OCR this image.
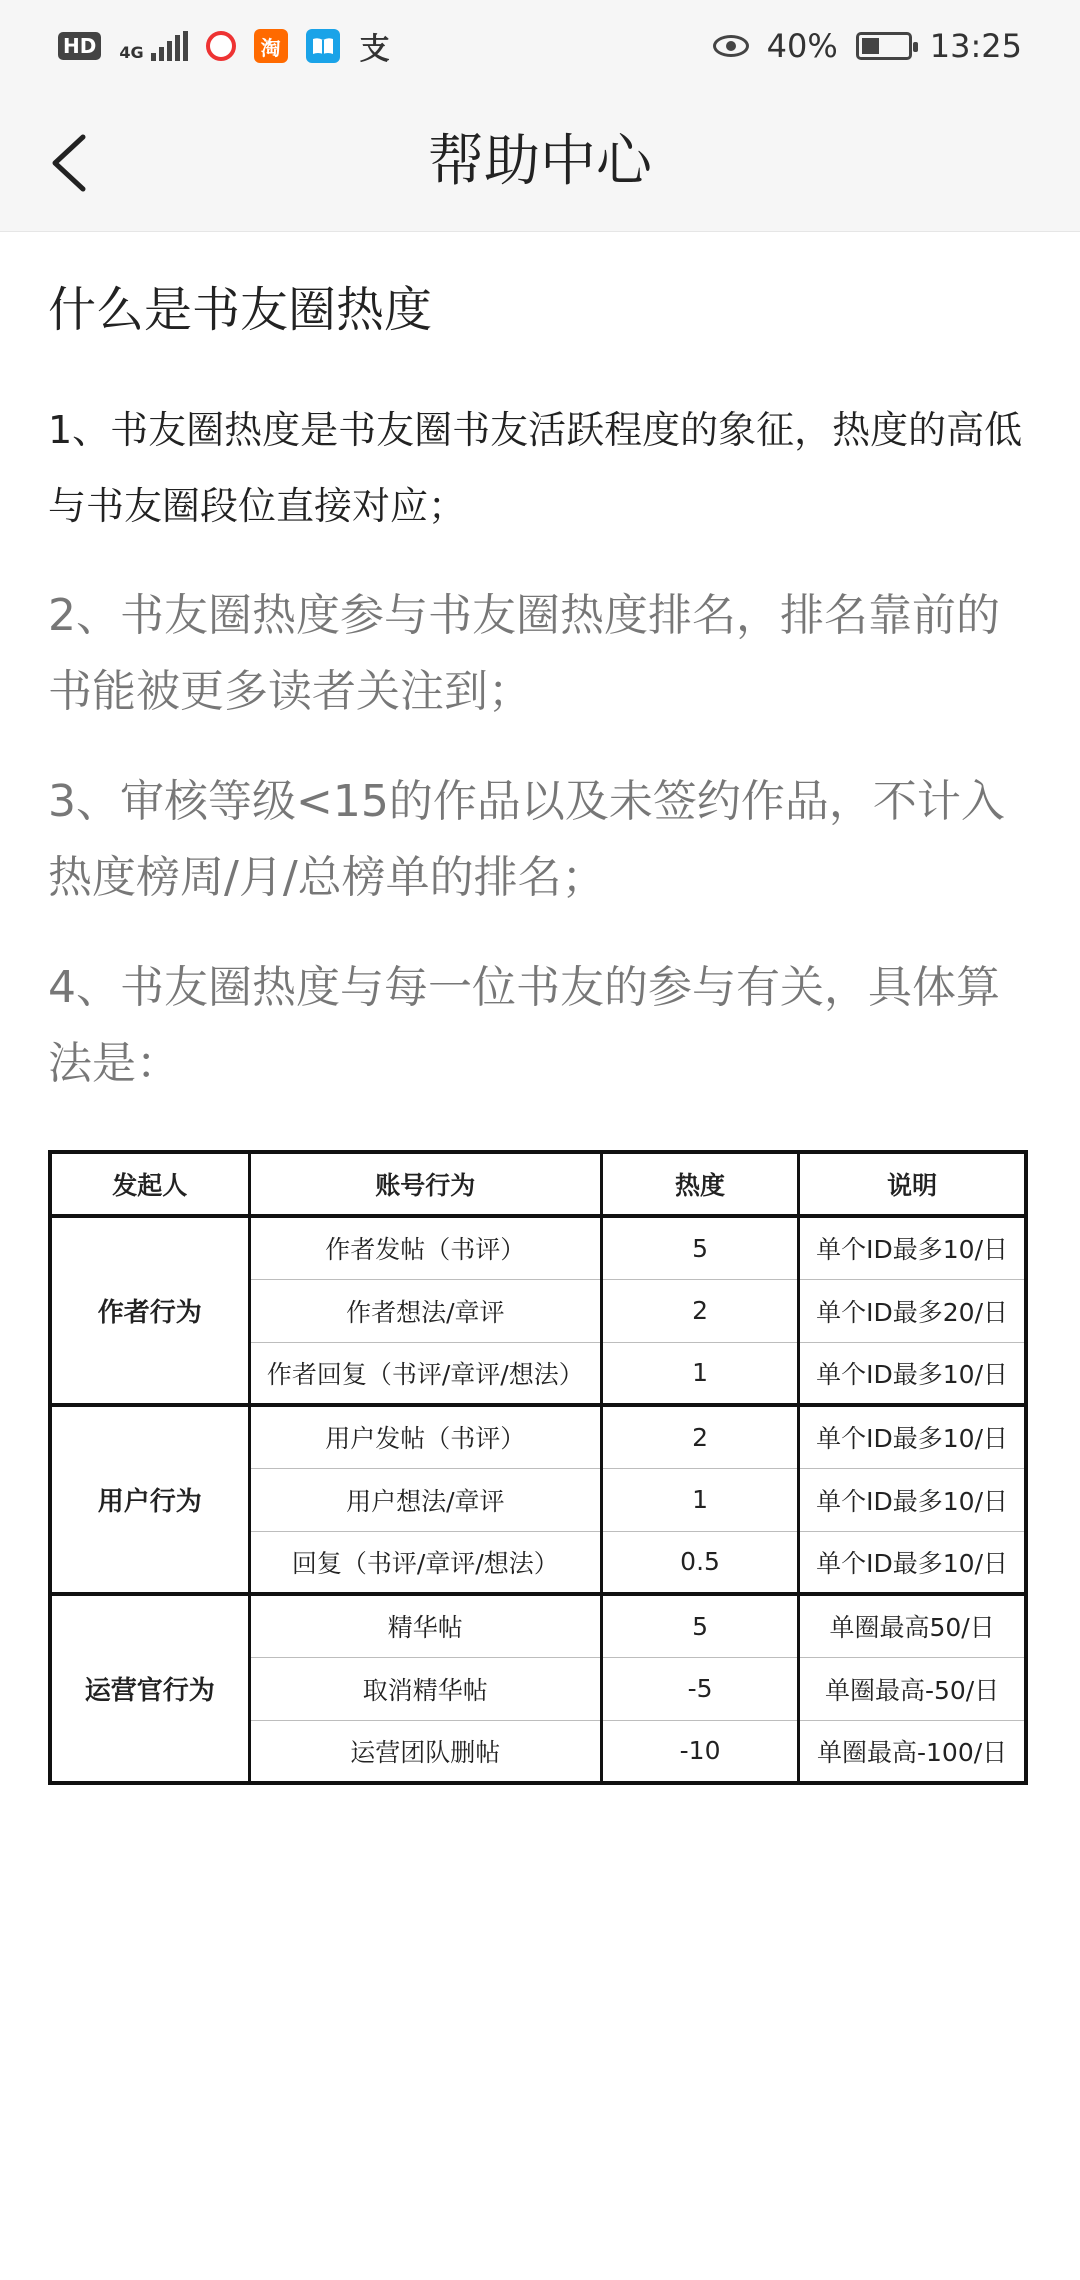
HD	4G	淘	支	40%	13:25
帮助中心
什么是书友圈热度
1、书友圈热度是书友圈书友活跃程度的象征，热度的高低与书友圈段位直接对应；
2、书友圈热度参与书友圈热度排名，排名靠前的书能被更多读者关注到；
3、审核等级<15的作品以及未签约作品，不计入热度榜周/月/总榜单的排名；
4、书友圈热度与每一位书友的参与有关，具体算法是：
发起人	账号行为	热度	说明
作者行为	作者发帖（书评）	5	单个ID最多10/日
	作者想法/章评	2	单个ID最多20/日
	作者回复（书评/章评/想法）	1	单个ID最多10/日
用户行为	用户发帖（书评）	2	单个ID最多10/日
	用户想法/章评	1	单个ID最多10/日
	回复（书评/章评/想法）	0.5	单个ID最多10/日
运营官行为	精华帖	5	单圈最高50/日
	取消精华帖	-5	单圈最高-50/日
	运营团队删帖	-10	单圈最高-100/日
